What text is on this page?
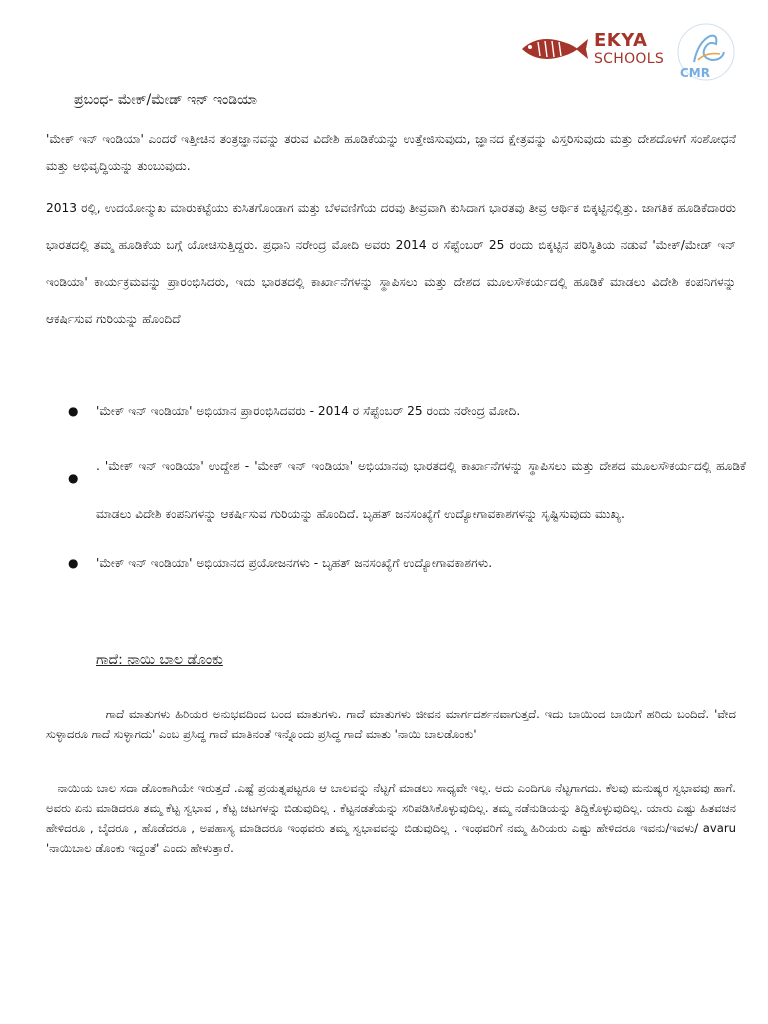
EKYA
SCHOOLS
CMR
ಪ್ರಬಂಧ- ಮೇಕ್/ಮೇಡ್ ಇನ್ ಇಂಡಿಯಾ
'ಮೇಕ್ ಇನ್ ಇಂಡಿಯಾ' ಎಂದರೆ ಇತ್ತೀಚಿನ ತಂತ್ರಜ್ಞಾನವನ್ನು ತರುವ ವಿದೇಶಿ ಹೂಡಿಕೆಯನ್ನು ಉತ್ತೇಜಿಸುವುದು, ಜ್ಞಾನದ ಕ್ಷೇತ್ರವನ್ನು ವಿಸ್ತರಿಸುವುದು ಮತ್ತು ದೇಶದೊಳಗೆ ಸಂಶೋಧನೆ ಮತ್ತು ಅಭಿವೃದ್ಧಿಯನ್ನು ತುಂಬುವುದು.
2013 ರಲ್ಲಿ, ಉದಯೋನ್ಮುಖ ಮಾರುಕಟ್ಟೆಯು ಕುಸಿತಗೊಂಡಾಗ ಮತ್ತು ಬೆಳವಣಿಗೆಯ ದರವು ತೀವ್ರವಾಗಿ ಕುಸಿದಾಗ ಭಾರತವು ತೀವ್ರ ಆರ್ಥಿಕ ಬಿಕ್ಕಟ್ಟಿನಲ್ಲಿತ್ತು. ಜಾಗತಿಕ ಹೂಡಿಕೆದಾರರು ಭಾರತದಲ್ಲಿ ತಮ್ಮ ಹೂಡಿಕೆಯ ಬಗ್ಗೆ ಯೋಚಿಸುತ್ತಿದ್ದರು. ಪ್ರಧಾನಿ ನರೇಂದ್ರ ಮೋದಿ ಅವರು 2014 ರ ಸೆಪ್ಟೆಂಬರ್ 25 ರಂದು ಬಿಕ್ಕಟ್ಟಿನ ಪರಿಸ್ಥಿತಿಯ ನಡುವೆ 'ಮೇಕ್/ಮೇಡ್ ಇನ್ ಇಂಡಿಯಾ' ಕಾರ್ಯಕ್ರಮವನ್ನು ಪ್ರಾರಂಭಿಸಿದರು, ಇದು ಭಾರತದಲ್ಲಿ ಕಾರ್ಖಾನೆಗಳನ್ನು ಸ್ಥಾಪಿಸಲು ಮತ್ತು ದೇಶದ ಮೂಲಸೌಕರ್ಯದಲ್ಲಿ ಹೂಡಿಕೆ ಮಾಡಲು ವಿದೇಶಿ ಕಂಪನಿಗಳನ್ನು ಆಕರ್ಷಿಸುವ ಗುರಿಯನ್ನು ಹೊಂದಿದೆ
● 'ಮೇಕ್ ಇನ್ ಇಂಡಿಯಾ' ಅಭಿಯಾನ ಪ್ರಾರಂಭಿಸಿದವರು - 2014 ರ ಸೆಪ್ಟೆಂಬರ್ 25 ರಂದು ನರೇಂದ್ರ ಮೋದಿ.
●
. 'ಮೇಕ್ ಇನ್ ಇಂಡಿಯಾ' ಉದ್ದೇಶ - 'ಮೇಕ್ ಇನ್ ಇಂಡಿಯಾ' ಅಭಿಯಾನವು ಭಾರತದಲ್ಲಿ ಕಾರ್ಖಾನೆಗಳನ್ನು ಸ್ಥಾಪಿಸಲು ಮತ್ತು ದೇಶದ ಮೂಲಸೌಕರ್ಯದಲ್ಲಿ ಹೂಡಿಕೆ ಮಾಡಲು ವಿದೇಶಿ ಕಂಪನಿಗಳನ್ನು ಆಕರ್ಷಿಸುವ ಗುರಿಯನ್ನು ಹೊಂದಿದೆ. ಬೃಹತ್ ಜನಸಂಖ್ಯೆಗೆ ಉದ್ಯೋಗಾವಕಾಶಗಳನ್ನು ಸೃಷ್ಟಿಸುವುದು ಮುಖ್ಯ.
● 'ಮೇಕ್ ಇನ್ ಇಂಡಿಯಾ' ಅಭಿಯಾನದ ಪ್ರಯೋಜನಗಳು - ಬೃಹತ್ ಜನಸಂಖ್ಯೆಗೆ ಉದ್ಯೋಗಾವಕಾಶಗಳು.
ಗಾದೆ: ನಾಯಿ ಬಾಲ ಡೊಂಕು
ಗಾದೆ ಮಾತುಗಳು ಹಿರಿಯರ ಅನುಭವದಿಂದ ಬಂದ ಮಾತುಗಳು. ಗಾದೆ ಮಾತುಗಳು ಜೀವನ ಮಾರ್ಗದರ್ಶನವಾಗುತ್ತದೆ. ಇದು ಬಾಯಿಂದ ಬಾಯಿಗೆ ಹರಿದು ಬಂದಿದೆ. 'ವೇದ ಸುಳ್ಳಾದರೂ ಗಾದೆ ಸುಳ್ಳಾಗದು' ಎಂಬ ಪ್ರಸಿದ್ಧ ಗಾದೆ ಮಾತಿನಂತೆ ಇನ್ನೊಂದು ಪ್ರಸಿದ್ಧ ಗಾದೆ ಮಾತು 'ನಾಯಿ ಬಾಲಡೊಂಕು'
ನಾಯಿಯ ಬಾಲ ಸದಾ ಡೊಂಕಾಗಿಯೇ ಇರುತ್ತದೆ .ಎಷ್ಟೆ ಪ್ರಯತ್ನಪಟ್ಟರೂ ಆ ಬಾಲವನ್ನು ನೆಟ್ಟಗೆ ಮಾಡಲು ಸಾಧ್ಯವೇ ಇಲ್ಲ. ಅದು ಎಂದಿಗೂ ನೆಟ್ಟಗಾಗದು. ಕೆಲವು ಮನುಷ್ಯರ ಸ್ವಭಾವವು ಹಾಗೆ. ಅವರು ಏನು ಮಾಡಿದರೂ ತಮ್ಮ ಕೆಟ್ಟ ಸ್ವಭಾವ , ಕೆಟ್ಟ ಚಟಗಳನ್ನು ಬಿಡುವುದಿಲ್ಲ . ಕೆಟ್ಟನಡತೆಯನ್ನು ಸರಿಪಡಿಸಿಕೊಳ್ಳುವುದಿಲ್ಲ. ತಮ್ಮ ನಡೆನುಡಿಯನ್ನು ತಿದ್ದಿಕೊಳ್ಳುವುದಿಲ್ಲ. ಯಾರು ಎಷ್ಟು ಹಿತವಚನ ಹೇಳಿದರೂ , ಬೈದರೂ , ಹೊಡೆದರೂ , ಅಪಹಾಸ್ಯ ಮಾಡಿದರೂ ಇಂಥವರು ತಮ್ಮ ಸ್ವಭಾವವನ್ನು ಬಿಡುವುದಿಲ್ಲ . ಇಂಥವರಿಗೆ ನಮ್ಮ ಹಿರಿಯರು ಎಷ್ಟು ಹೇಳಿದರೂ ಇವನು/ಇವಳು/ avaru 'ನಾಯಿಬಾಲ ಡೊಂಕು ಇದ್ದಂತೆ' ಎಂದು ಹೇಳುತ್ತಾರೆ.
